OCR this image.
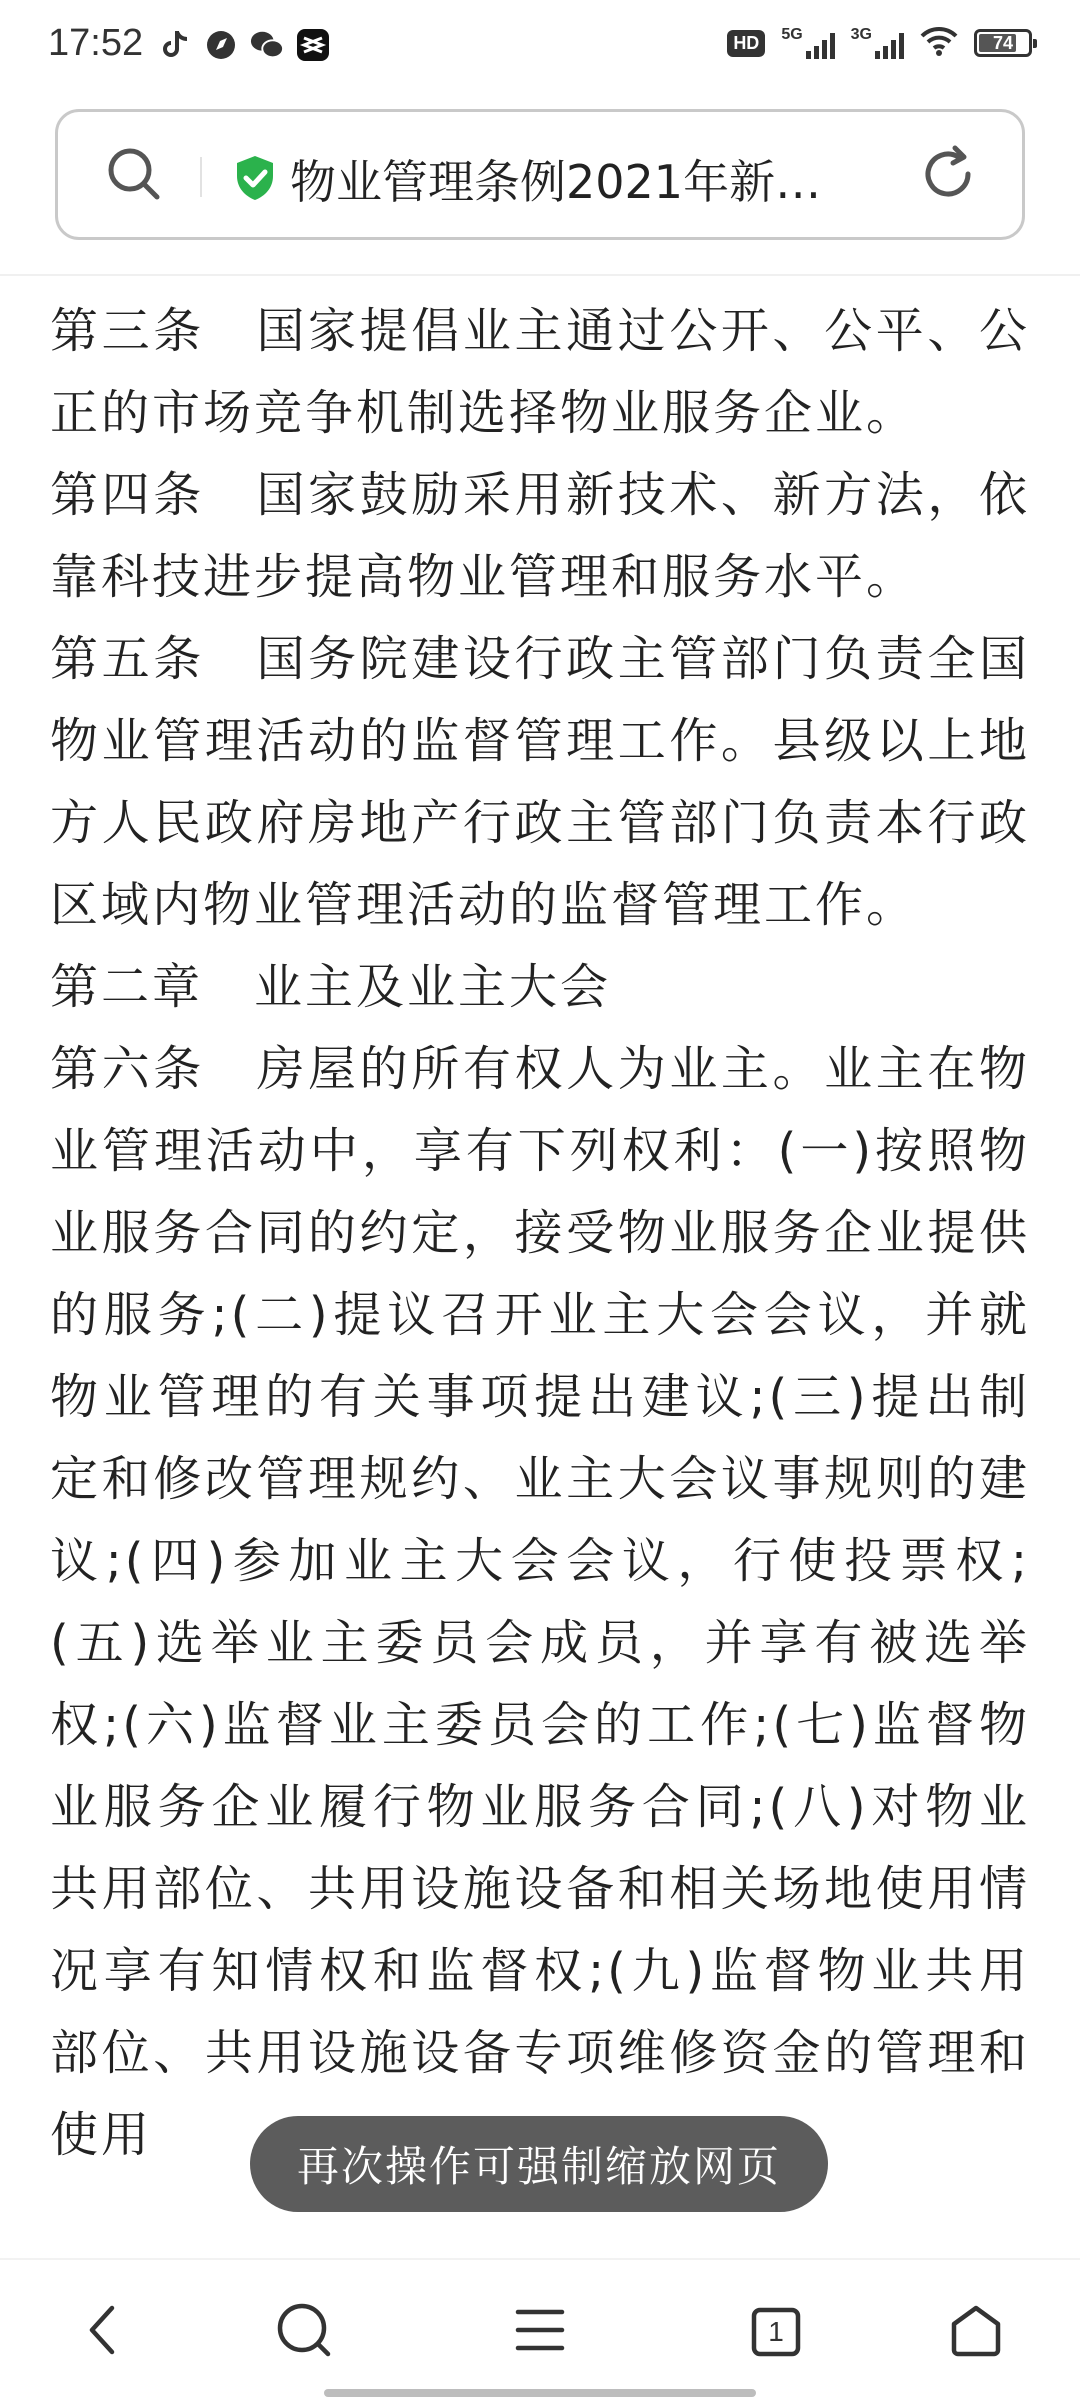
17:52	HD	5G	3G	74
物业管理条例2021年新…

第三条　国家提倡业主通过公开、公平、公正的市场竞争机制选择物业服务企业。

第四条　国家鼓励采用新技术、新方法，依靠科技进步提高物业管理和服务水平。

第五条　国务院建设行政主管部门负责全国物业管理活动的监督管理工作。县级以上地方人民政府房地产行政主管部门负责本行政区域内物业管理活动的监督管理工作。

第二章　业主及业主大会

第六条　房屋的所有权人为业主。业主在物业管理活动中，享有下列权利：(一)按照物业服务合同的约定，接受物业服务企业提供的服务;(二)提议召开业主大会会议，并就物业管理的有关事项提出建议;(三)提出制定和修改管理规约、业主大会议事规则的建议;(四)参加业主大会会议，行使投票权;(五)选举业主委员会成员，并享有被选举权;(六)监督业主委员会的工作;(七)监督物业服务企业履行物业服务合同;(八)对物业共用部位、共用设施设备和相关场地使用情况享有知情权和监督权;(九)监督物业共用部位、共用设施设备专项维修资金的管理和使用

再次操作可强制缩放网页
1
